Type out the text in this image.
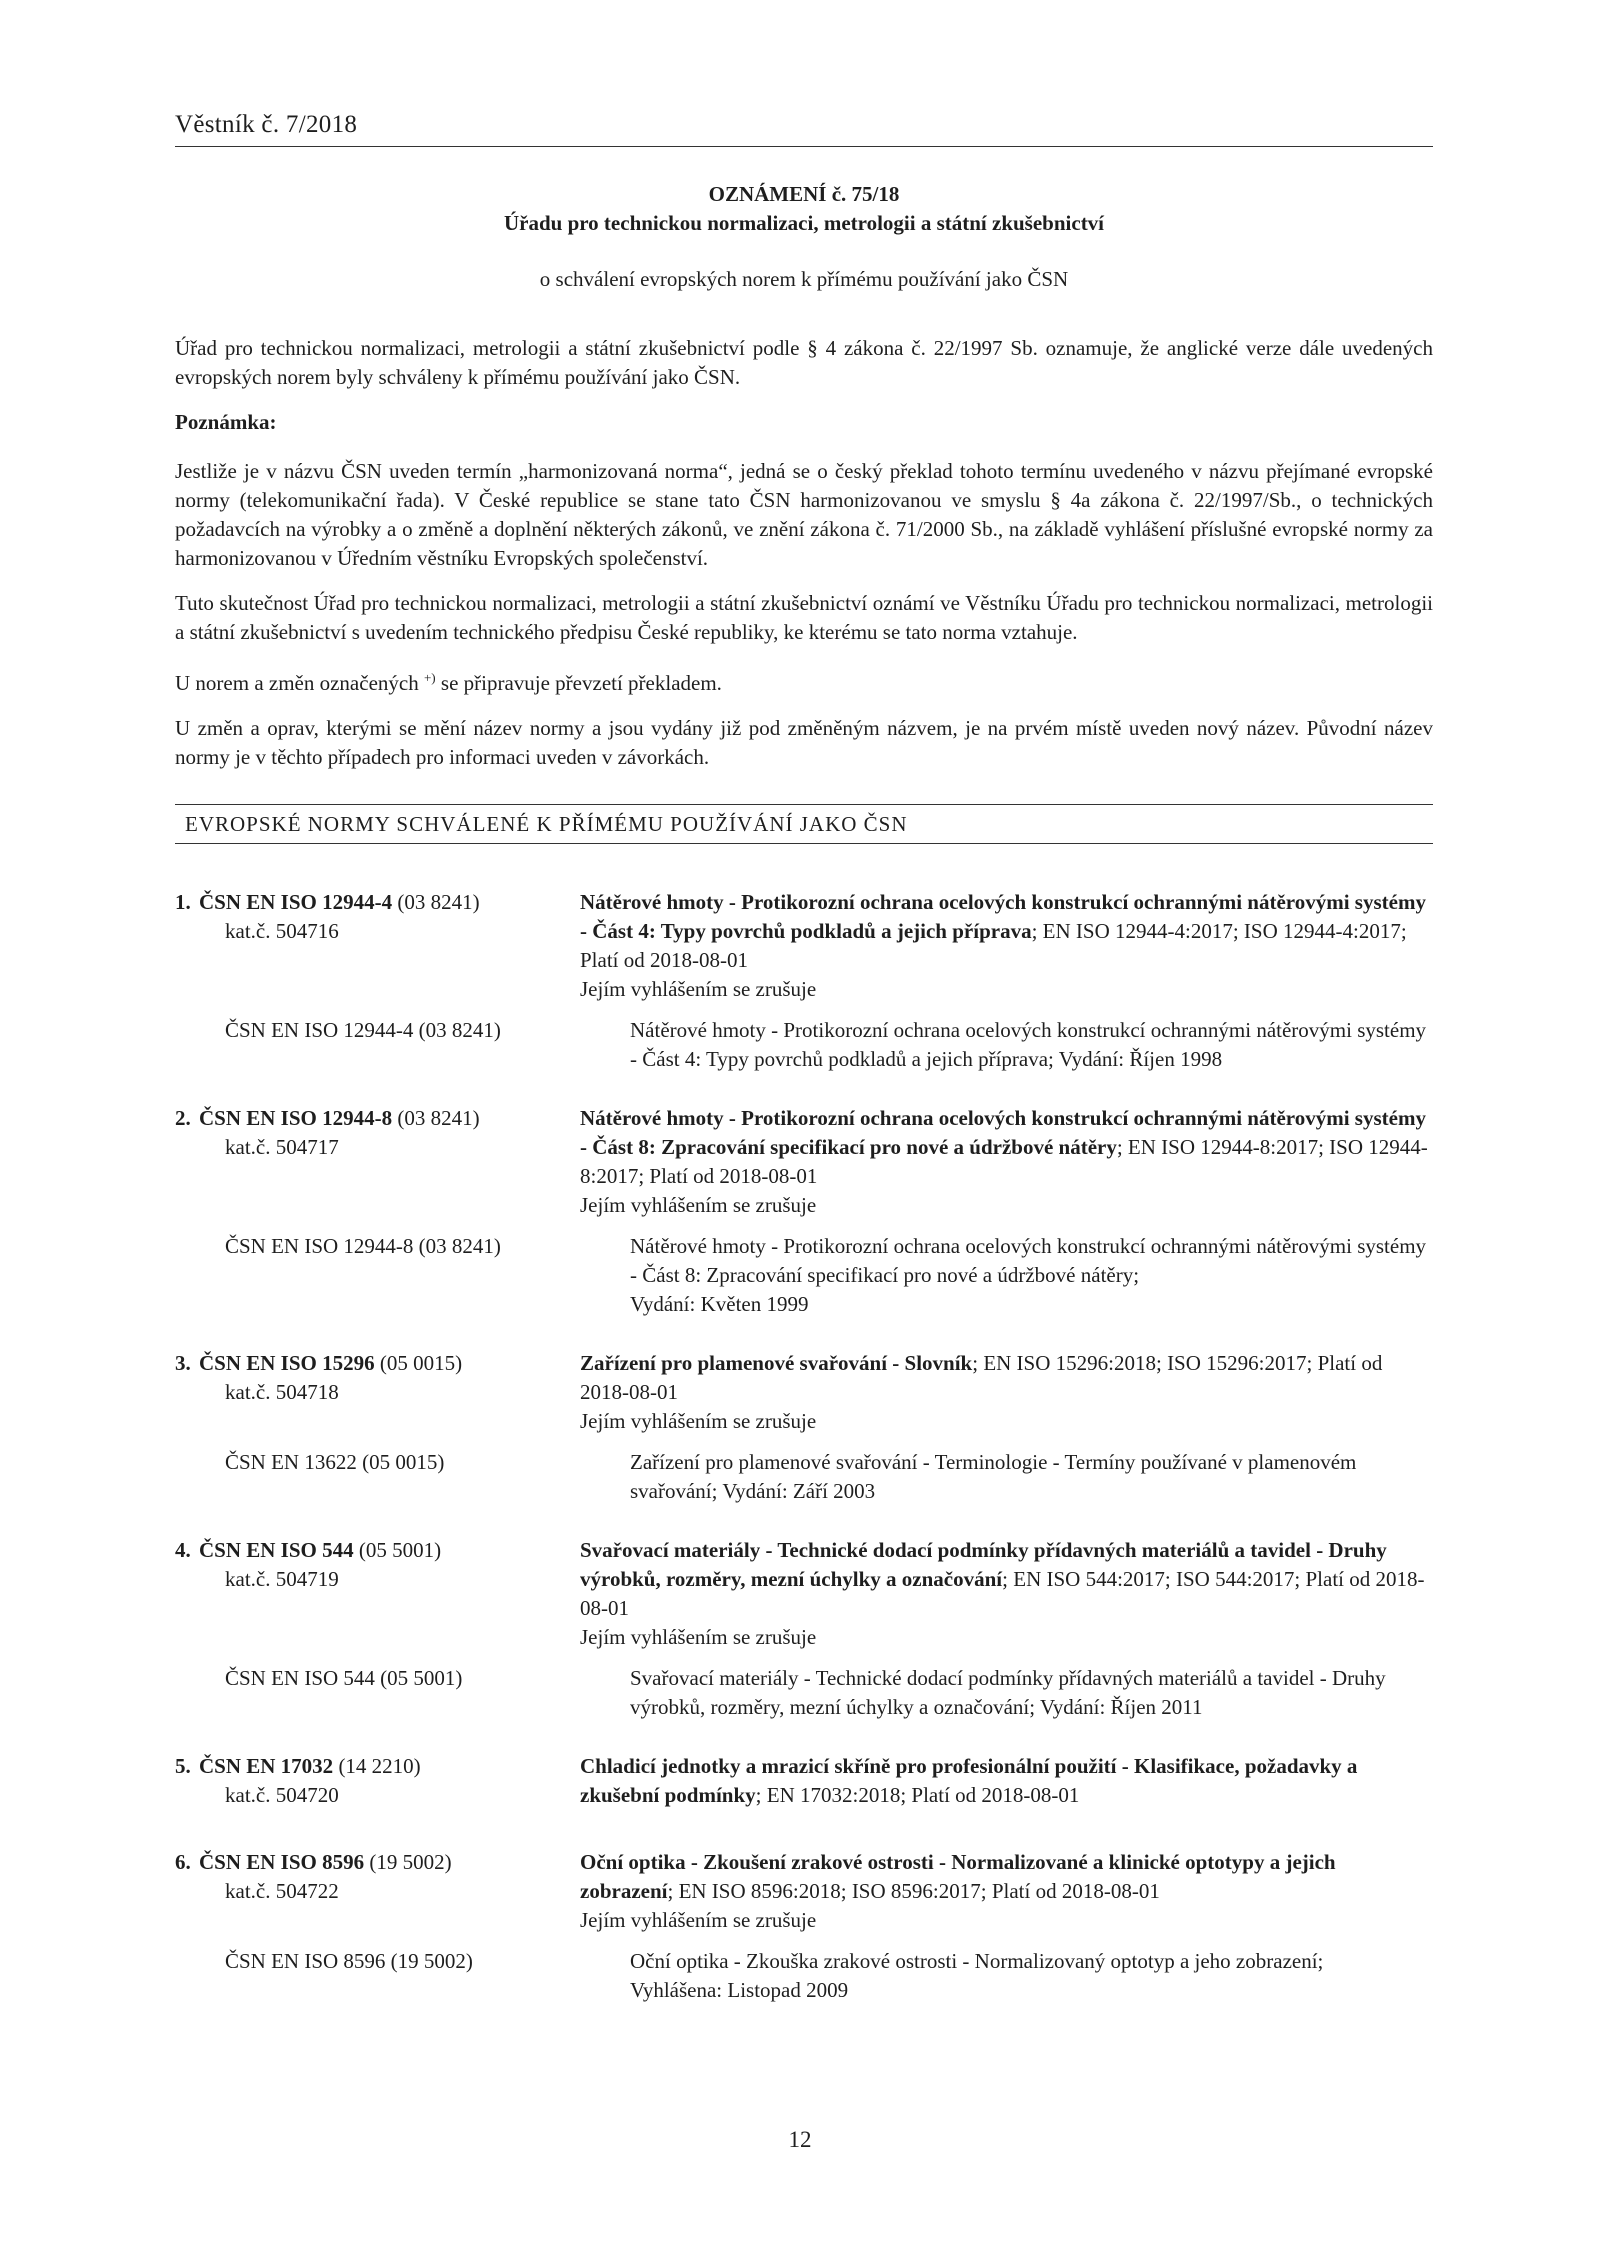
Věstník č. 7/2018
OZNÁMENÍ č. 75/18
Úřadu pro technickou normalizaci, metrologii a státní zkušebnictví
o schválení evropských norem k přímému používání jako ČSN

Úřad pro technickou normalizaci, metrologii a státní zkušebnictví podle § 4 zákona č. 22/1997 Sb. oznamuje, že anglické verze dále uvedených evropských norem byly schváleny k přímému používání jako ČSN.

Poznámka:

Jestliže je v názvu ČSN uveden termín „harmonizovaná norma“, jedná se o český překlad tohoto termínu uvedeného v názvu přejímané evropské normy (telekomunikační řada). V České republice se stane tato ČSN harmonizovanou ve smyslu § 4a zákona č. 22/1997/Sb., o technických požadavcích na výrobky a o změně a doplnění některých zákonů, ve znění zákona č. 71/2000 Sb., na základě vyhlášení příslušné evropské normy za harmonizovanou v Úředním věstníku Evropských společenství.

Tuto skutečnost Úřad pro technickou normalizaci, metrologii a státní zkušebnictví oznámí ve Věstníku Úřadu pro technickou normalizaci, metrologii a státní zkušebnictví s uvedením technického předpisu České republiky, ke kterému se tato norma vztahuje.

U norem a změn označených +) se připravuje převzetí překladem.

U změn a oprav, kterými se mění název normy a jsou vydány již pod změněným názvem, je na prvém místě uveden nový název. Původní název normy je v těchto případech pro informaci uveden v závorkách.

EVROPSKÉ NORMY SCHVÁLENÉ K PŘÍMÉMU POUŽÍVÁNÍ JAKO ČSN
1. ČSN EN ISO 12944-4 (03 8241)
kat.č. 504716
Nátěrové hmoty - Protikorozní ochrana ocelových konstrukcí ochrannými nátěrovými systémy - Část 4: Typy povrchů podkladů a jejich příprava; EN ISO 12944-4:2017; ISO 12944-4:2017; Platí od 2018-08-01
Jejím vyhlášením se zrušuje
ČSN EN ISO 12944-4 (03 8241)	Nátěrové hmoty - Protikorozní ochrana ocelových konstrukcí ochrannými nátěrovými systémy - Část 4: Typy povrchů podkladů a jejich příprava; Vydání: Říjen 1998
2. ČSN EN ISO 12944-8 (03 8241)
kat.č. 504717
Nátěrové hmoty - Protikorozní ochrana ocelových konstrukcí ochrannými nátěrovými systémy - Část 8: Zpracování specifikací pro nové a údržbové nátěry; EN ISO 12944-8:2017; ISO 12944-8:2017; Platí od 2018-08-01
Jejím vyhlášením se zrušuje
ČSN EN ISO 12944-8 (03 8241)	Nátěrové hmoty - Protikorozní ochrana ocelových konstrukcí ochrannými nátěrovými systémy - Část 8: Zpracování specifikací pro nové a údržbové nátěry;
Vydání: Květen 1999
3. ČSN EN ISO 15296 (05 0015)
kat.č. 504718
Zařízení pro plamenové svařování - Slovník; EN ISO 15296:2018; ISO 15296:2017; Platí od 2018-08-01
Jejím vyhlášením se zrušuje
ČSN EN 13622 (05 0015)	Zařízení pro plamenové svařování - Terminologie - Termíny používané v plamenovém svařování; Vydání: Září 2003
4. ČSN EN ISO 544 (05 5001)
kat.č. 504719
Svařovací materiály - Technické dodací podmínky přídavných materiálů a tavidel - Druhy výrobků, rozměry, mezní úchylky a označování; EN ISO 544:2017; ISO 544:2017; Platí od 2018-08-01
Jejím vyhlášením se zrušuje
ČSN EN ISO 544 (05 5001)	Svařovací materiály - Technické dodací podmínky přídavných materiálů a tavidel - Druhy výrobků, rozměry, mezní úchylky a označování; Vydání: Říjen 2011
5. ČSN EN 17032 (14 2210)
kat.č. 504720
Chladicí jednotky a mrazicí skříně pro profesionální použití - Klasifikace, požadavky a zkušební podmínky; EN 17032:2018; Platí od 2018-08-01
6. ČSN EN ISO 8596 (19 5002)
kat.č. 504722
Oční optika - Zkoušení zrakové ostrosti - Normalizované a klinické optotypy a jejich zobrazení; EN ISO 8596:2018; ISO 8596:2017; Platí od 2018-08-01
Jejím vyhlášením se zrušuje
ČSN EN ISO 8596 (19 5002)	Oční optika - Zkouška zrakové ostrosti - Normalizovaný optotyp a jeho zobrazení;
Vyhlášena: Listopad 2009
12
